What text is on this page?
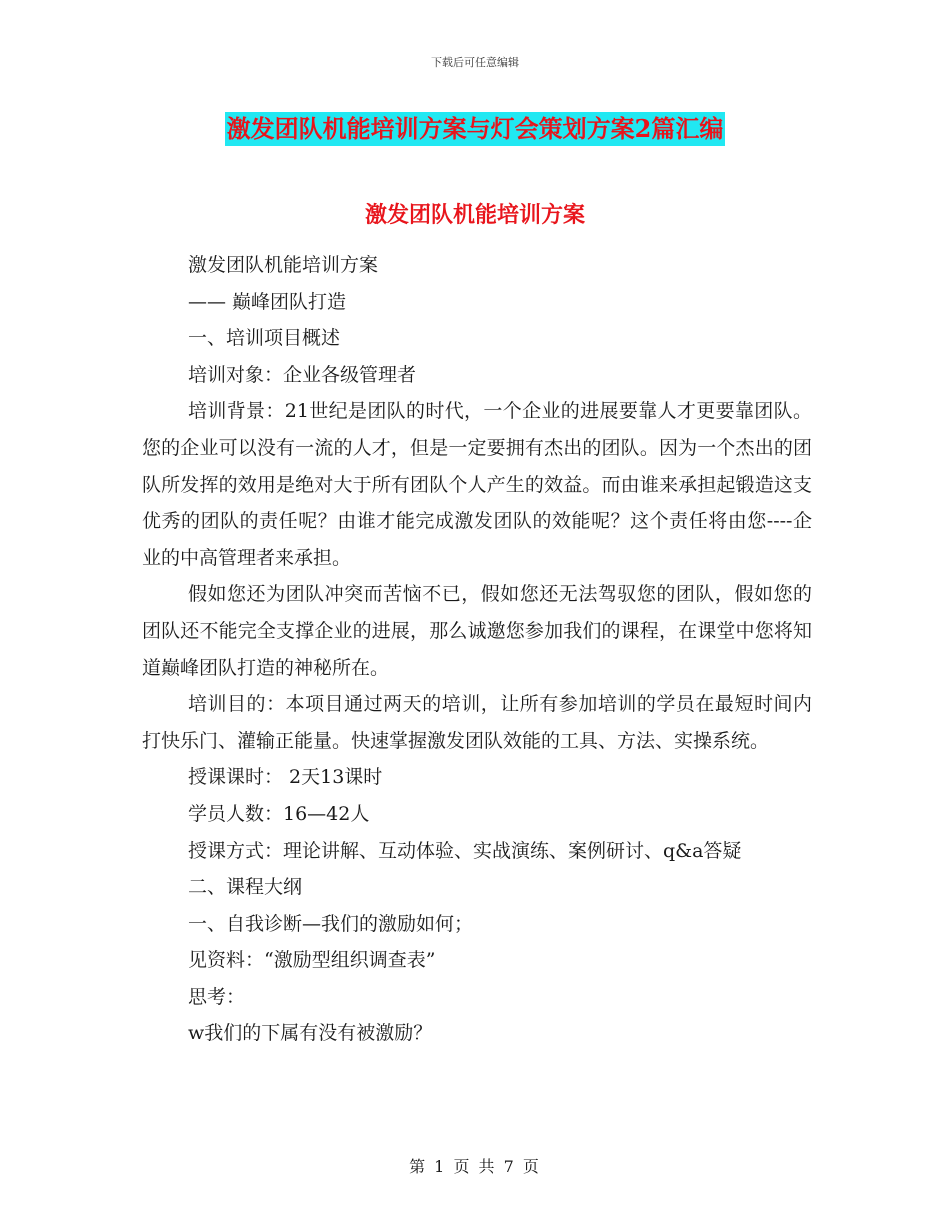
下载后可任意编辑
激发团队机能培训方案与灯会策划方案2篇汇编
激发团队机能培训方案

激发团队机能培训方案

—— 巅峰团队打造

一、培训项目概述

培训对象：企业各级管理者

培训背景：21世纪是团队的时代，一个企业的进展要靠人才更要靠团队。您的企业可以没有一流的人才，但是一定要拥有杰出的团队。因为一个杰出的团队所发挥的效用是绝对大于所有团队个人产生的效益。而由谁来承担起锻造这支优秀的团队的责任呢？由谁才能完成激发团队的效能呢？这个责任将由您----企业的中高管理者来承担。

假如您还为团队冲突而苦恼不已，假如您还无法驾驭您的团队，假如您的团队还不能完全支撑企业的进展，那么诚邀您参加我们的课程，在课堂中您将知道巅峰团队打造的神秘所在。

培训目的：本项目通过两天的培训，让所有参加培训的学员在最短时间内打快乐门、灌输正能量。快速掌握激发团队效能的工具、方法、实操系统。

授课课时： 2天13课时

学员人数：16—42人

授课方式：理论讲解、互动体验、实战演练、案例研讨、q&a答疑

二、课程大纲

一、自我诊断—我们的激励如何；

见资料：“激励型组织调查表”

思考：

w我们的下属有没有被激励？

第 1 页 共 7 页
